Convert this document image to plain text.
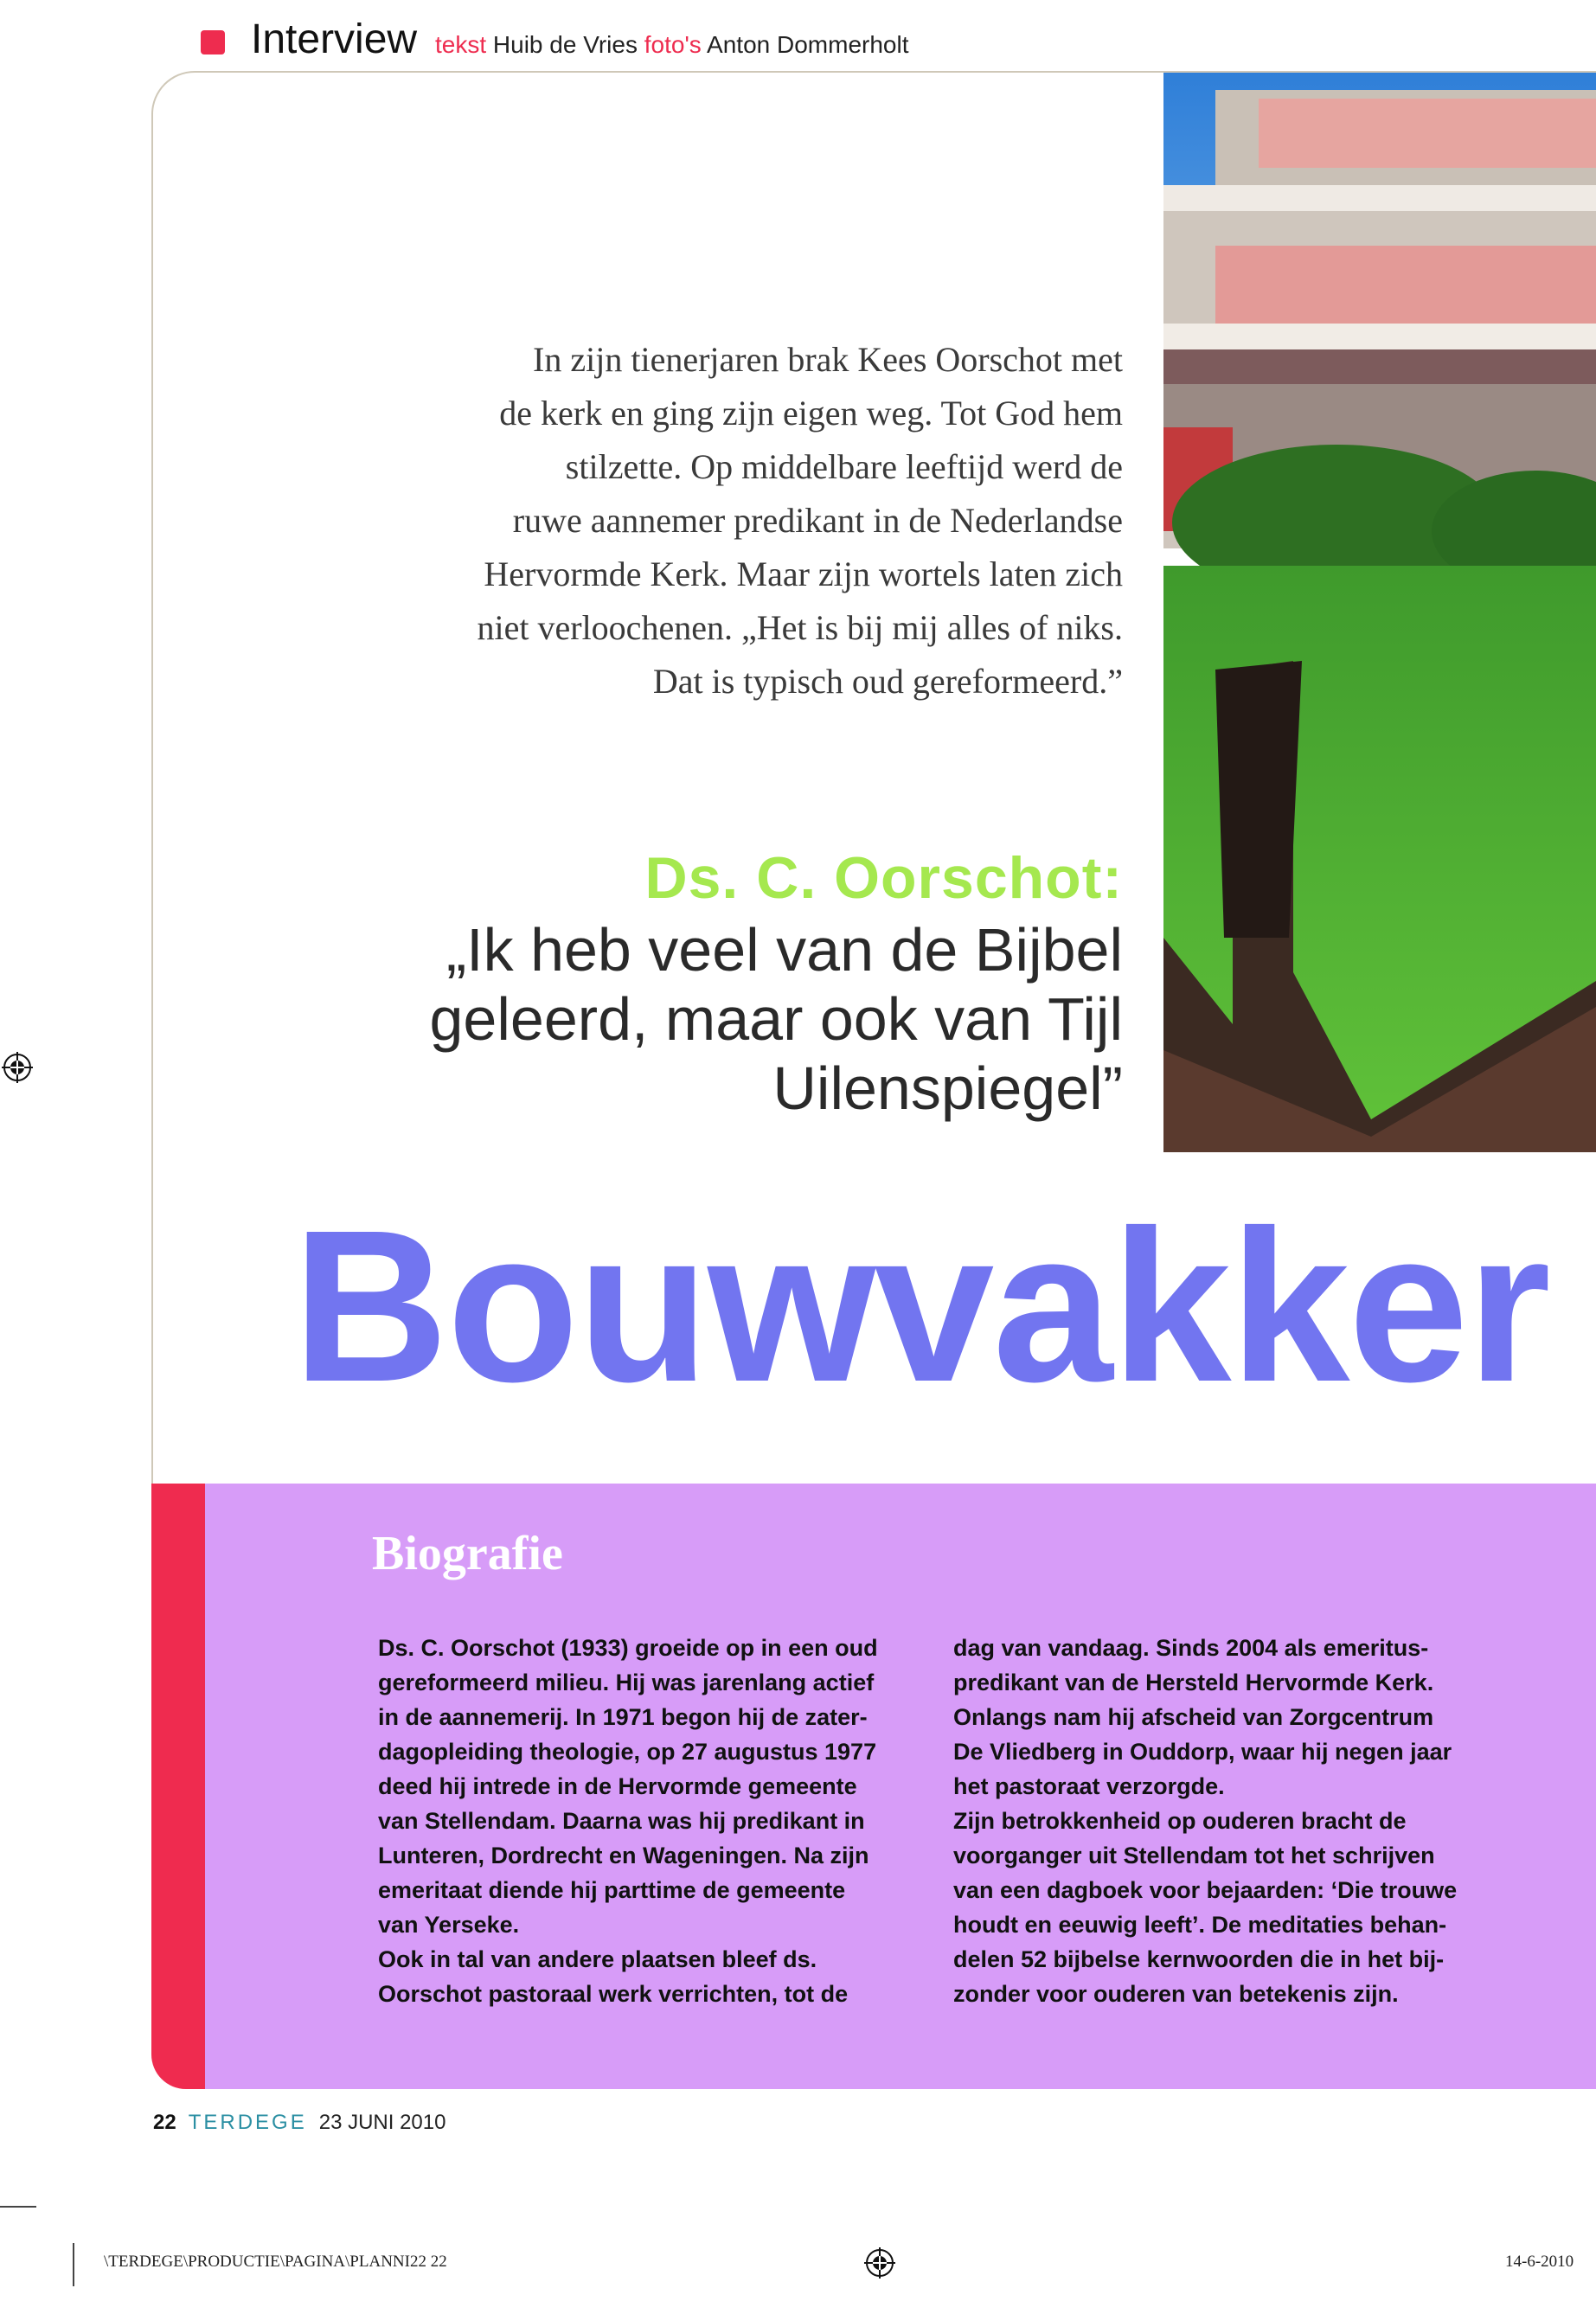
Interview tekst Huib de Vries foto's Anton Dommerholt
In zijn tienerjaren brak Kees Oorschot met
de kerk en ging zijn eigen weg. Tot God hem
stilzette. Op middelbare leeftijd werd de
ruwe aannemer predikant in de Nederlandse
Hervormde Kerk. Maar zijn wortels laten zich
niet verloochenen. „Het is bij mij alles of niks.
Dat is typisch oud gereformeerd.”
Ds. C. Oorschot:
„Ik heb veel van de Bijbel
geleerd, maar ook van Tijl
Uilenspiegel”
Bouwvakker
Biografie
Ds. C. Oorschot (1933) groeide op in een oud
gereformeerd milieu. Hij was jarenlang actief
in de aannemerij. In 1971 begon hij de zater-
dagopleiding theologie, op 27 augustus 1977
deed hij intrede in de Hervormde gemeente
van Stellendam. Daarna was hij predikant in
Lunteren, Dordrecht en Wageningen. Na zijn
emeritaat diende hij parttime de gemeente
van Yerseke.
Ook in tal van andere plaatsen bleef ds.
Oorschot pastoraal werk verrichten, tot de
dag van vandaag. Sinds 2004 als emeritus-
predikant van de Hersteld Hervormde Kerk.
Onlangs nam hij afscheid van Zorgcentrum
De Vliedberg in Ouddorp, waar hij negen jaar
het pastoraat verzorgde.
Zijn betrokkenheid op ouderen bracht de
voorganger uit Stellendam tot het schrijven
van een dagboek voor bejaarden: ‘Die trouwe
houdt en eeuwig leeft’. De meditaties behan-
delen 52 bijbelse kernwoorden die in het bij-
zonder voor ouderen van betekenis zijn.
22 TERDEGE 23 JUNI 2010
\TERDEGE\PRODUCTIE\PAGINA\PLANNI22 22	14-6-2010
